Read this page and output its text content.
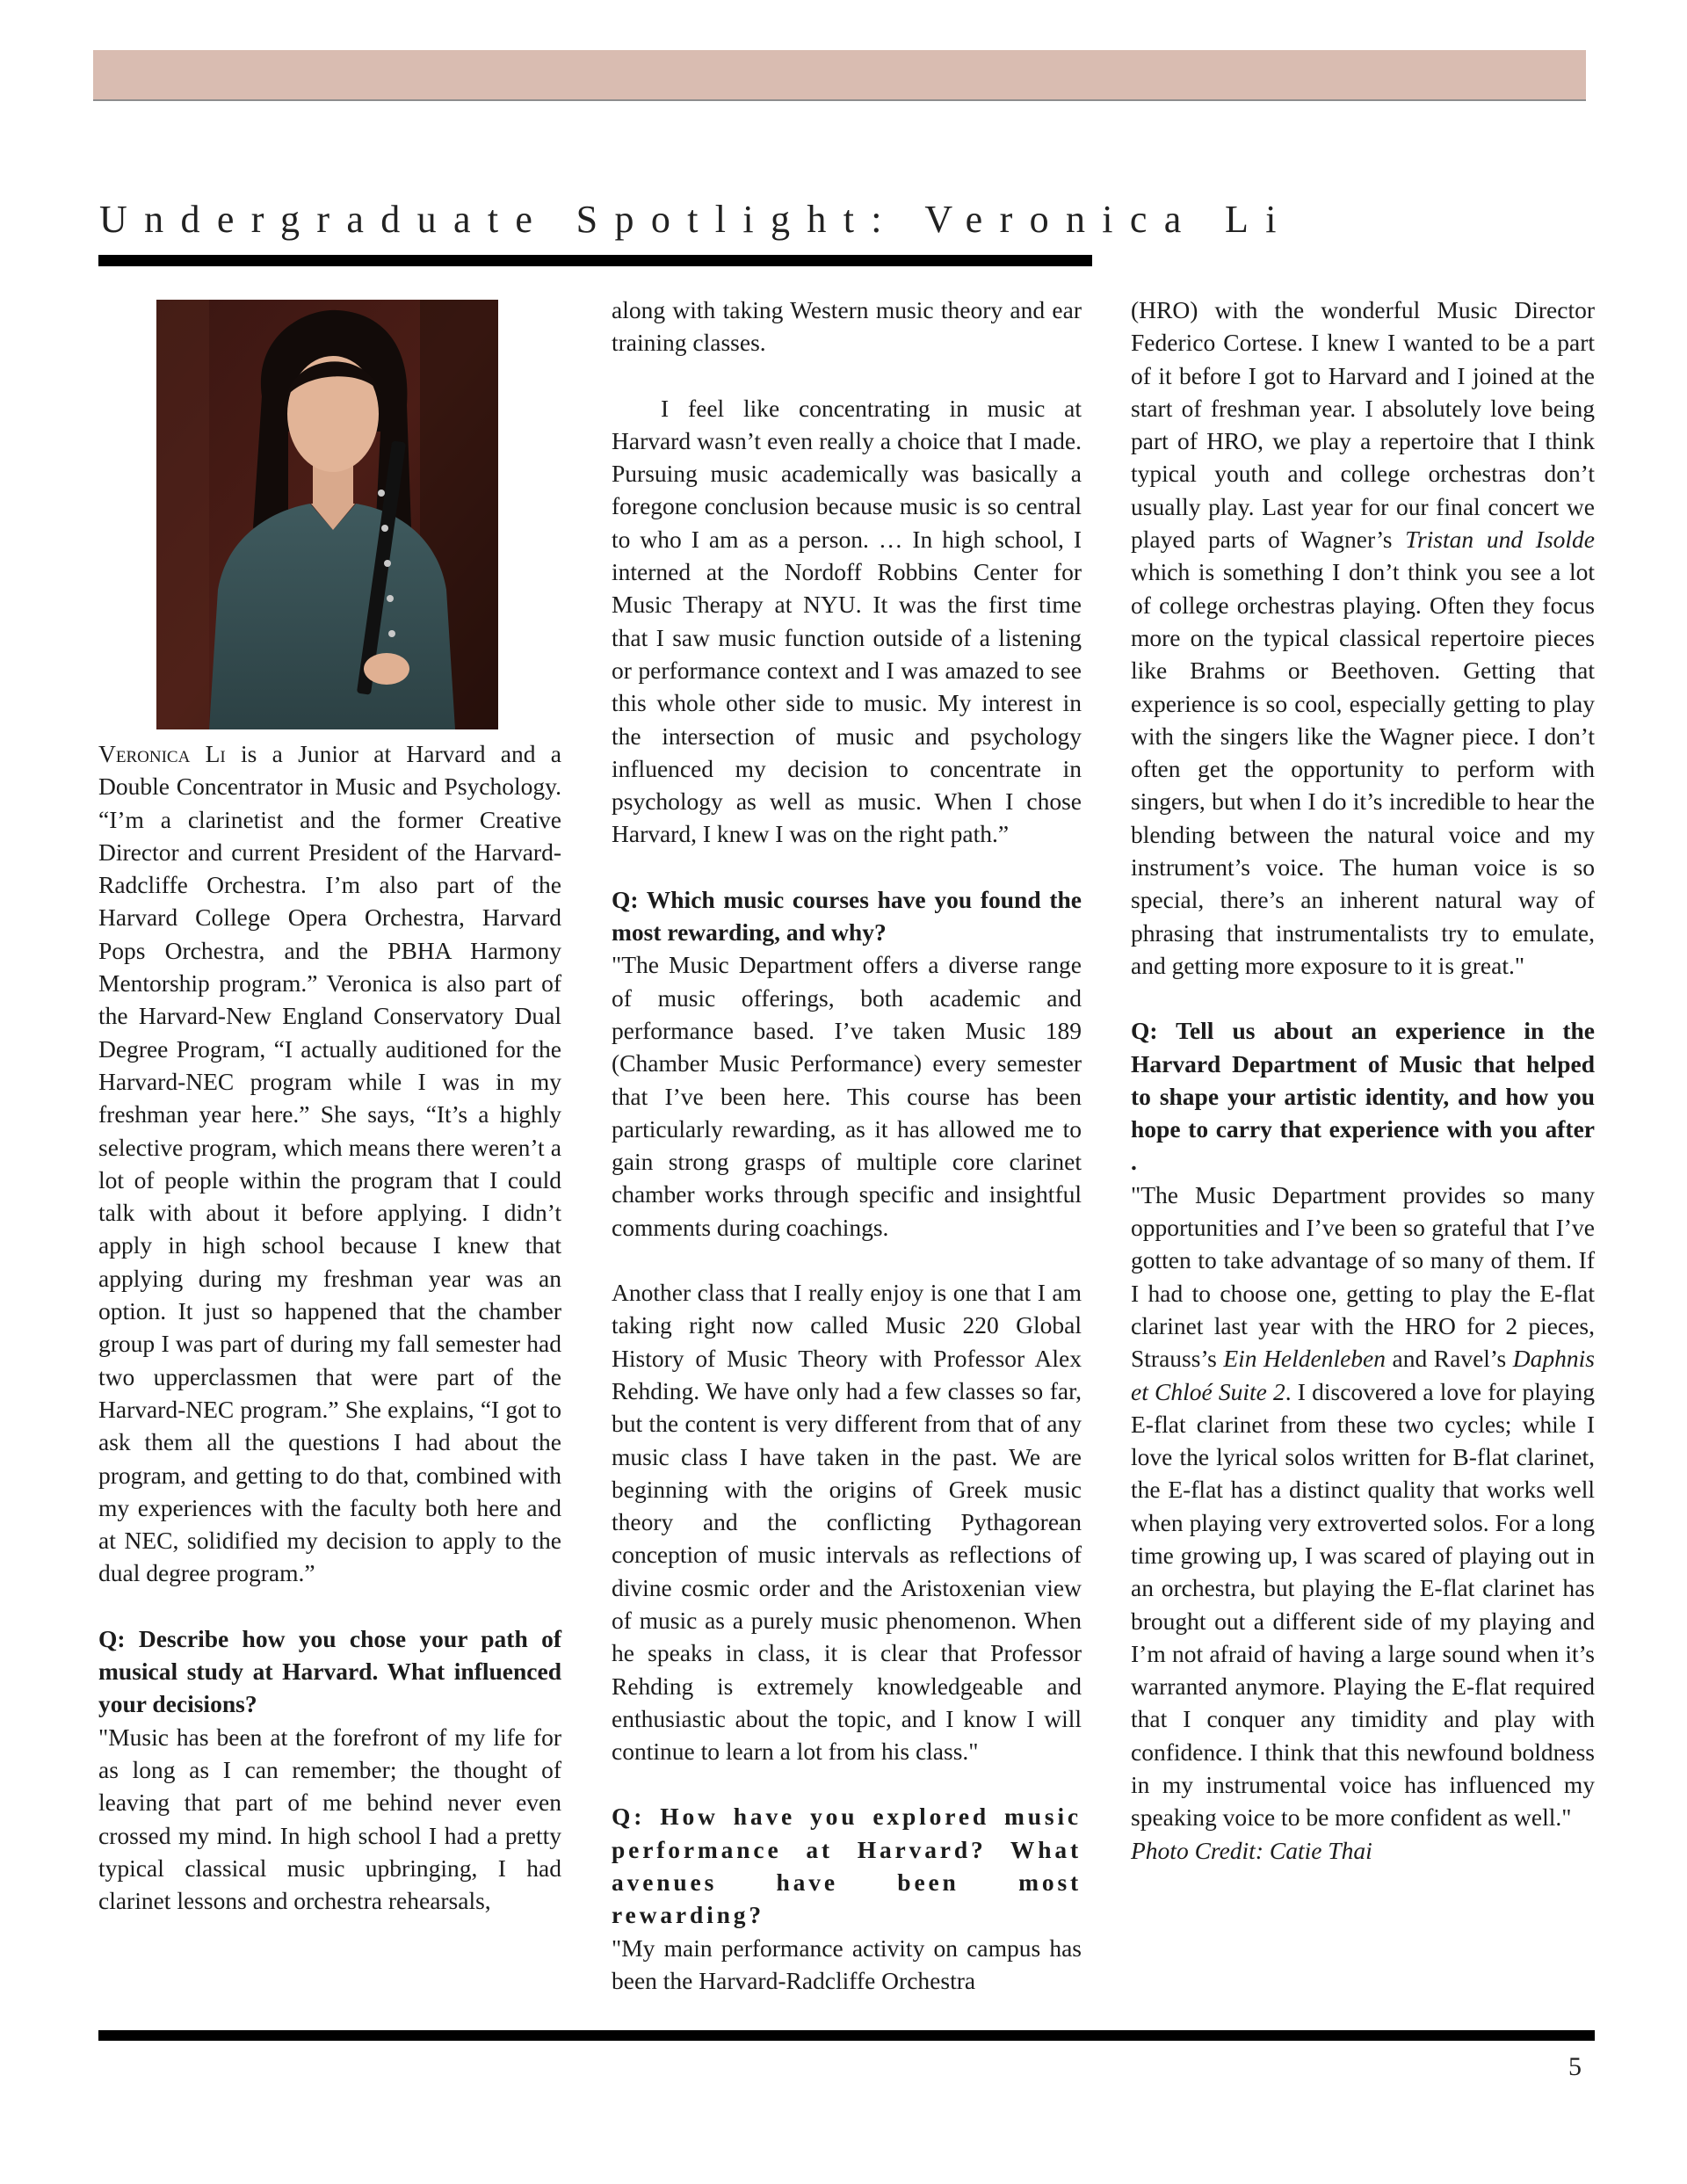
Undergraduate Spotlight: Veronica Li

Veronica Li is a Junior at Harvard and a Double Concentrator in Music and Psychology. “I’m a clarinetist and the former Creative Director and current President of the Harvard-Radcliffe Orchestra. I’m also part of the Harvard College Opera Orchestra, Harvard Pops Orchestra, and the PBHA Harmony Mentorship program.” Veronica is also part of the Harvard-New England Conservatory Dual Degree Program, “I actually auditioned for the Harvard-NEC program while I was in my freshman year here.” She says, “It’s a highly selective program, which means there weren’t a lot of people within the program that I could talk with about it before applying. I didn’t apply in high school because I knew that applying during my freshman year was an option. It just so happened that the chamber group I was part of during my fall semester had two upperclassmen that were part of the Harvard-NEC program.” She explains, “I got to ask them all the questions I had about the program, and getting to do that, combined with my experiences with the faculty both here and at NEC, solidified my decision to apply to the dual degree program.”

Q: Describe how you chose your path of musical study at Harvard. What influenced your decisions?

"Music has been at the forefront of my life for as long as I can remember; the thought of leaving that part of me behind never even crossed my mind. In high school I had a pretty typical classical music upbringing, I had clarinet lessons and orchestra rehearsals,

along with taking Western music theory and ear training classes.

I feel like concentrating in music at Harvard wasn’t even really a choice that I made. Pursuing music academically was basically a foregone conclusion because music is so central to who I am as a person. … In high school, I interned at the Nordoff Robbins Center for Music Therapy at NYU. It was the first time that I saw music function outside of a listening or performance context and I was amazed to see this whole other side to music. My interest in the intersection of music and psychology influenced my decision to concentrate in psychology as well as music. When I chose Harvard, I knew I was on the right path.”

Q: Which music courses have you found the most rewarding, and why?

"The Music Department offers a diverse range of music offerings, both academic and performance based. I’ve taken Music 189 (Chamber Music Performance) every semester that I’ve been here. This course has been particularly rewarding, as it has allowed me to gain strong grasps of multiple core clarinet chamber works through specific and insightful comments during coachings.

Another class that I really enjoy is one that I am taking right now called Music 220 Global History of Music Theory with Professor Alex Rehding. We have only had a few classes so far, but the content is very different from that of any music class I have taken in the past. We are beginning with the origins of Greek music theory and the conflicting Pythagorean conception of music intervals as reflections of divine cosmic order and the Aristoxenian view of music as a purely music phenomenon. When he speaks in class, it is clear that Professor Rehding is extremely knowledgeable and enthusiastic about the topic, and I know I will continue to learn a lot from his class."

Q: How have you explored music performance at Harvard? What avenues have been most rewarding?

"My main performance activity on campus has been the Harvard-Radcliffe Orchestra

(HRO) with the wonderful Music Director Federico Cortese. I knew I wanted to be a part of it before I got to Harvard and I joined at the start of freshman year. I absolutely love being part of HRO, we play a repertoire that I think typical youth and college orchestras don’t usually play. Last year for our final concert we played parts of Wagner’s Tristan und Isolde which is something I don’t think you see a lot of college orchestras playing. Often they focus more on the typical classical repertoire pieces like Brahms or Beethoven. Getting that experience is so cool, especially getting to play with the singers like the Wagner piece. I don’t often get the opportunity to perform with singers, but when I do it’s incredible to hear the blending between the natural voice and my instrument’s voice. The human voice is so special, there’s an inherent natural way of phrasing that instrumentalists try to emulate, and getting more exposure to it is great."

Q: Tell us about an experience in the Harvard Department of Music that helped to shape your artistic identity, and how you hope to carry that experience with you after .

"The Music Department provides so many opportunities and I’ve been so grateful that I’ve gotten to take advantage of so many of them. If I had to choose one, getting to play the E-flat clarinet last year with the HRO for 2 pieces, Strauss’s Ein Heldenleben and Ravel’s Daphnis et Chloé Suite 2. I discovered a love for playing E-flat clarinet from these two cycles; while I love the lyrical solos written for B-flat clarinet, the E-flat has a distinct quality that works well when playing very extroverted solos. For a long time growing up, I was scared of playing out in an orchestra, but playing the E-flat clarinet has brought out a different side of my playing and I’m not afraid of having a large sound when it’s warranted anymore. Playing the E-flat required that I conquer any timidity and play with confidence. I think that this newfound boldness in my instrumental voice has influenced my speaking voice to be more confident as well."

Photo Credit: Catie Thai

5
